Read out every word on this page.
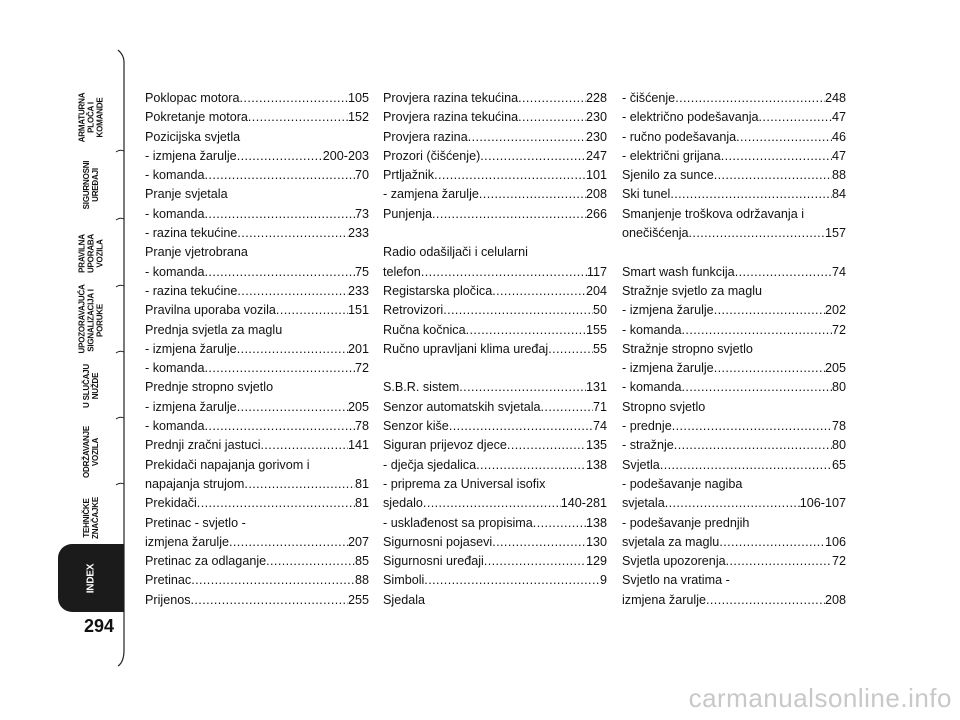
ARMATURNA
PLOČA I
KOMANDE
SIGURNOSNI
UREĐAJI
PRAVILNA
UPORABA
VOZILA
UPOZORAVAJUĆA
SIGNALIZACIJA I
PORUKE
U SLUČAJU
NUŽDE
ODRŽAVANJE
VOZILA
TEHNIČKE
ZNAČAJKE
INDEX
294
Poklopac motora .....	105
Pokretanje motora .....	152
Pozicijska svjetla
- izmjena žarulje .....	200-203
- komanda .....	70
Pranje svjetala
- komanda .....	73
- razina tekućine .....	233
Pranje vjetrobrana
- komanda .....	75
- razina tekućine .....	233
Pravilna uporaba vozila .....	151
Prednja svjetla za maglu
- izmjena žarulje .....	201
- komanda .....	72
Prednje stropno svjetlo
- izmjena žarulje .....	205
- komanda .....	78
Prednji zračni jastuci .....	141
Prekidači napajanja gorivom i
napajanja strujom .....	81
Prekidači .....	81
Pretinac - svjetlo -
izmjena žarulje .....	207
Pretinac za odlaganje .....	85
Pretinac .....	88
Prijenos .....	255
Provjera razina tekućina .....	228
Provjera razina tekućina .....	230
Provjera razina .....	230
Prozori (čišćenje) .....	247
Prtljažnik .....	101
- zamjena žarulje .....	208
Punjenja .....	266
Radio odašiljači i celularni
telefon .....	117
Registarska pločica .....	204
Retrovizori .....	50
Ručna kočnica .....	155
Ručno upravljani klima uređaj .....	55
S.B.R. sistem .....	131
Senzor automatskih svjetala .....	71
Senzor kiše .....	74
Siguran prijevoz djece .....	135
- dječja sjedalica .....	138
- priprema za Universal isofix
sjedalo .....	140-281
- usklađenost sa propisima .....	138
Sigurnosni pojasevi .....	130
Sigurnosni uređaji .....	129
Simboli .....	9
Sjedala
- čišćenje .....	248
- električno podešavanja .....	47
- ručno podešavanja .....	46
- električni grijana .....	47
Sjenilo za sunce .....	88
Ski tunel .....	84
Smanjenje troškova održavanja i
onečišćenja .....	157
Smart wash funkcija .....	74
Stražnje svjetlo za maglu
- izmjena žarulje .....	202
- komanda .....	72
Stražnje stropno svjetlo
- izmjena žarulje .....	205
- komanda .....	80
Stropno svjetlo
- prednje .....	78
- stražnje .....	80
Svjetla .....	65
- podešavanje nagiba
svjetala .....	106-107
- podešavanje prednjih
svjetala za maglu .....	106
Svjetla upozorenja .....	72
Svjetlo na vratima -
izmjena žarulje .....	208
carmanualsonline.info
